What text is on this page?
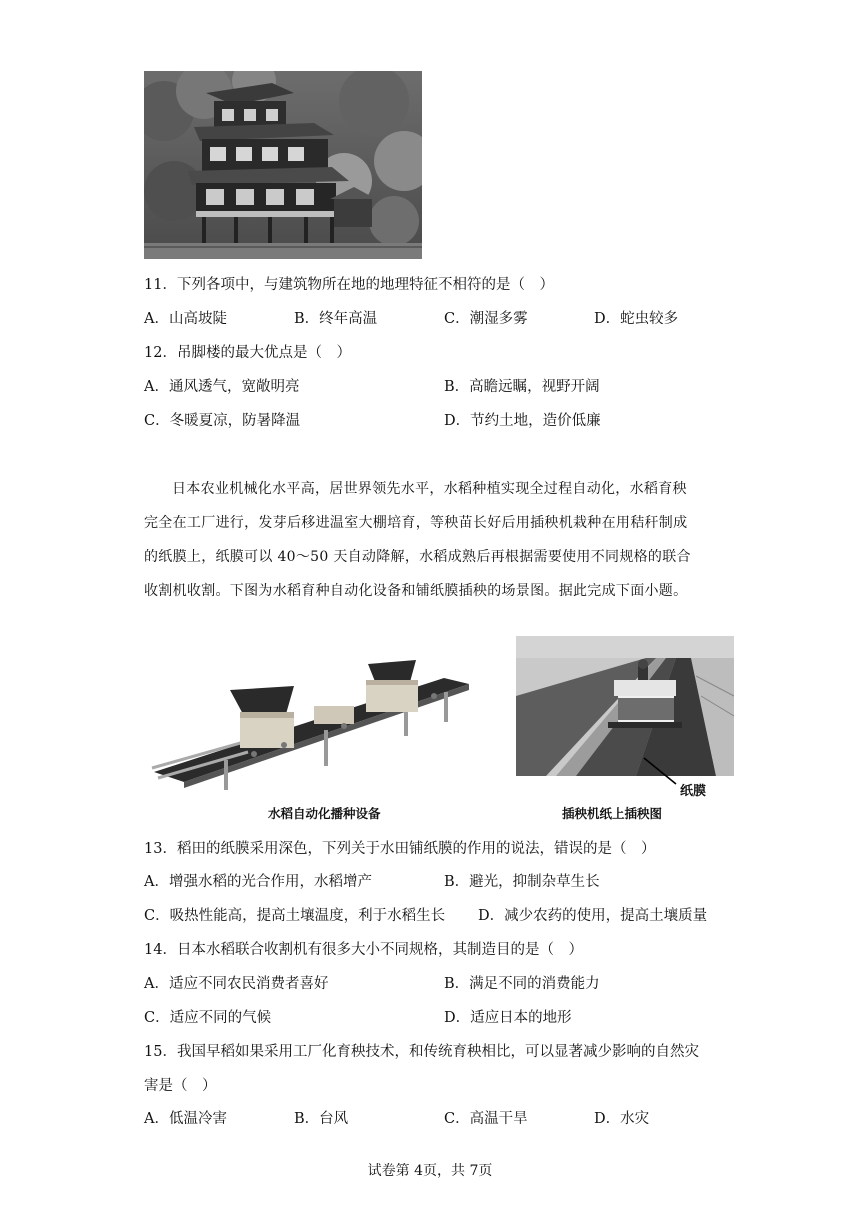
11．下列各项中，与建筑物所在地的地理特征不相符的是（　）
A．山高坡陡	B．终年高温	C．潮湿多雾	D．蛇虫较多
12．吊脚楼的最大优点是（　）
A．通风透气，宽敞明亮	B．高瞻远瞩，视野开阔
C．冬暖夏凉，防暑降温	D．节约土地，造价低廉
日本农业机械化水平高，居世界领先水平，水稻种植实现全过程自动化，水稻育秧
完全在工厂进行，发芽后移进温室大棚培育，等秧苗长好后用插秧机栽种在用秸秆制成
的纸膜上，纸膜可以 40～50 天自动降解，水稻成熟后再根据需要使用不同规格的联合
收割机收割。下图为水稻育种自动化设备和铺纸膜插秧的场景图。据此完成下面小题。
水稻自动化播种设备
纸膜
插秧机纸上插秧图
13．稻田的纸膜采用深色，下列关于水田铺纸膜的作用的说法，错误的是（　）
A．增强水稻的光合作用，水稻增产	B．避光，抑制杂草生长
C．吸热性能高，提高土壤温度，利于水稻生长 D．减少农药的使用，提高土壤质量
14．日本水稻联合收割机有很多大小不同规格，其制造目的是（　）
A．适应不同农民消费者喜好	B．满足不同的消费能力
C．适应不同的气候	D．适应日本的地形
15．我国早稻如果采用工厂化育秧技术，和传统育秧相比，可以显著减少影响的自然灾
害是（　）
A．低温冷害	B．台风	C．高温干旱	D．水灾
试卷第 4页，共 7页
